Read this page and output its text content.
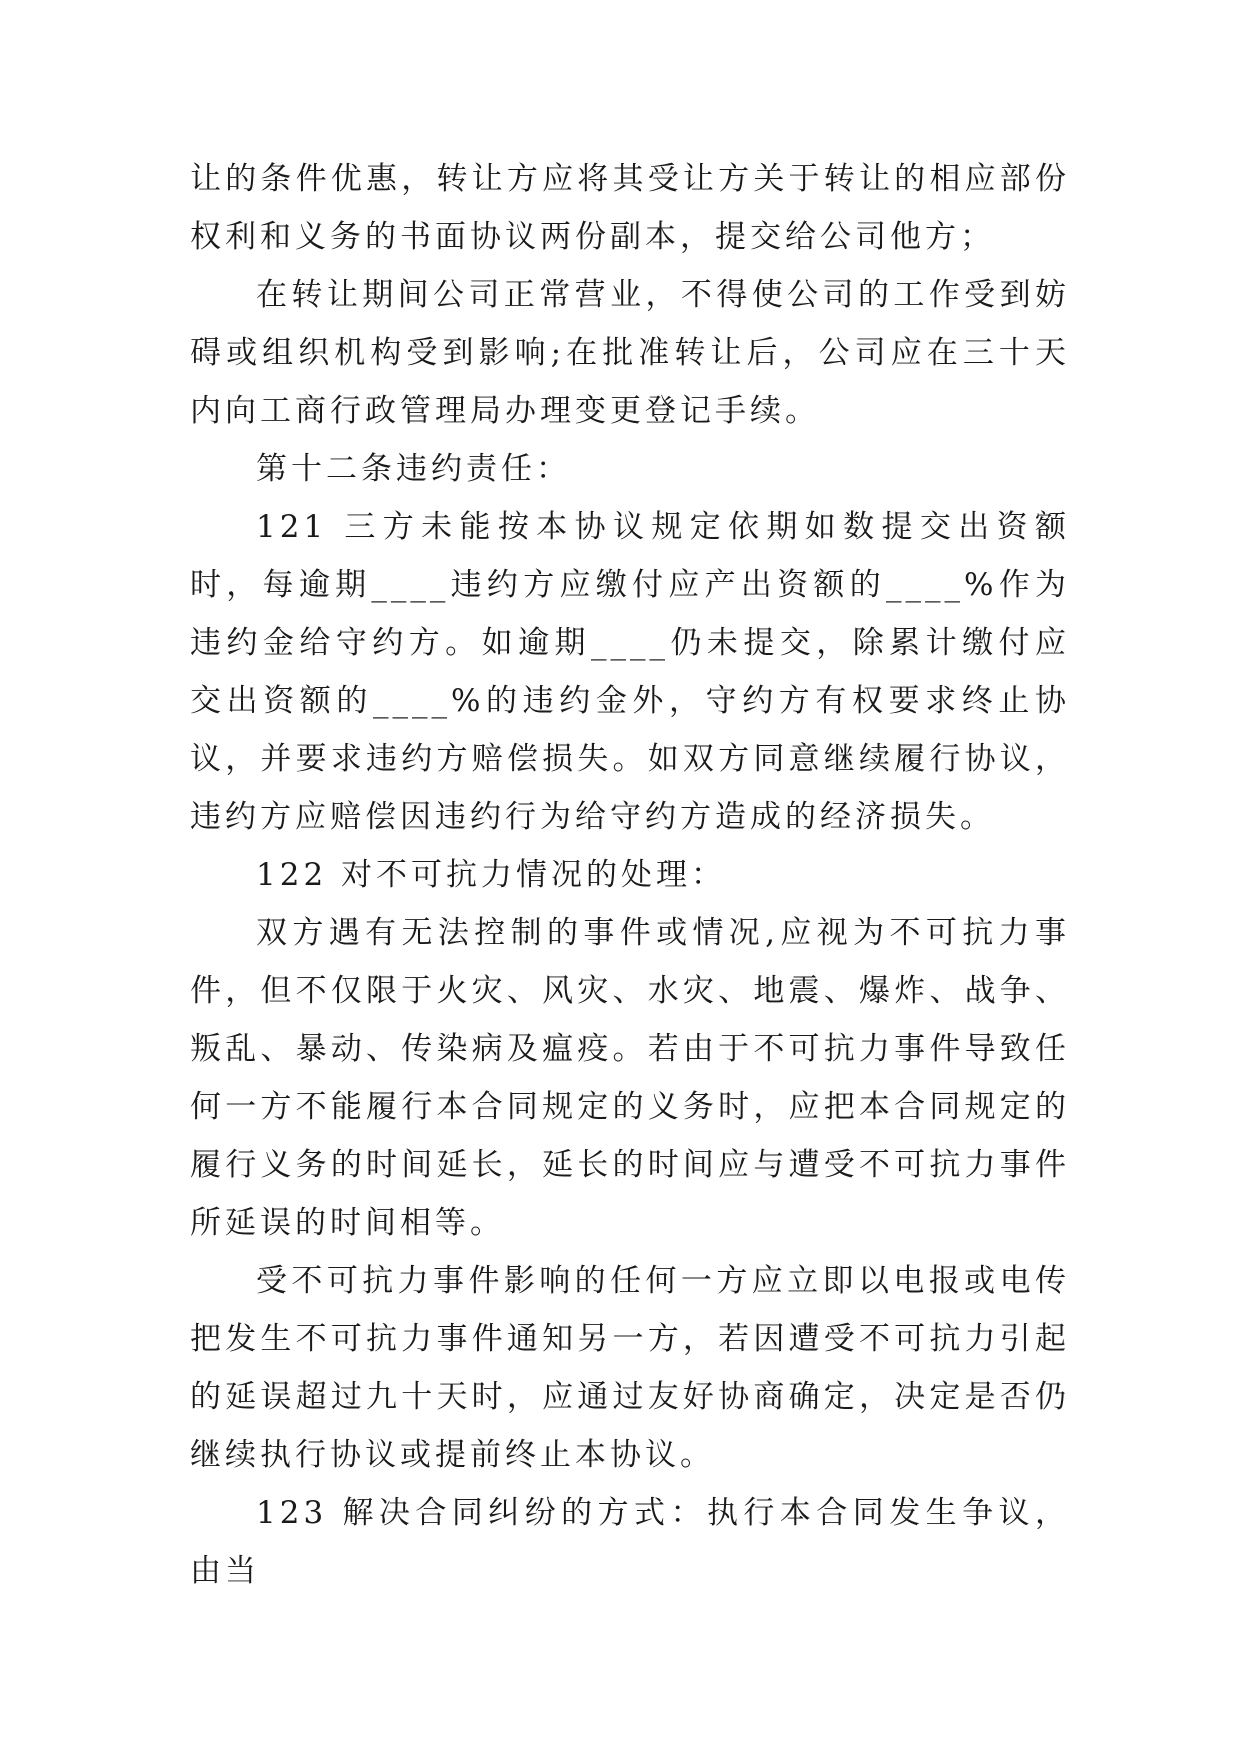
让的条件优惠，转让方应将其受让方关于转让的相应部份权利和义务的书面协议两份副本，提交给公司他方；

在转让期间公司正常营业，不得使公司的工作受到妨碍或组织机构受到影响;在批准转让后，公司应在三十天内向工商行政管理局办理变更登记手续。

第十二条违约责任：

121 三方未能按本协议规定依期如数提交出资额时，每逾期____违约方应缴付应产出资额的____%作为违约金给守约方。如逾期____仍未提交，除累计缴付应交出资额的____%的违约金外，守约方有权要求终止协议，并要求违约方赔偿损失。如双方同意继续履行协议，违约方应赔偿因违约行为给守约方造成的经济损失。

122 对不可抗力情况的处理：

双方遇有无法控制的事件或情况,应视为不可抗力事件，但不仅限于火灾、风灾、水灾、地震、爆炸、战争、叛乱、暴动、传染病及瘟疫。若由于不可抗力事件导致任何一方不能履行本合同规定的义务时，应把本合同规定的履行义务的时间延长，延长的时间应与遭受不可抗力事件所延误的时间相等。

受不可抗力事件影响的任何一方应立即以电报或电传把发生不可抗力事件通知另一方，若因遭受不可抗力引起的延误超过九十天时，应通过友好协商确定，决定是否仍继续执行协议或提前终止本协议。

123 解决合同纠纷的方式：执行本合同发生争议，由当
